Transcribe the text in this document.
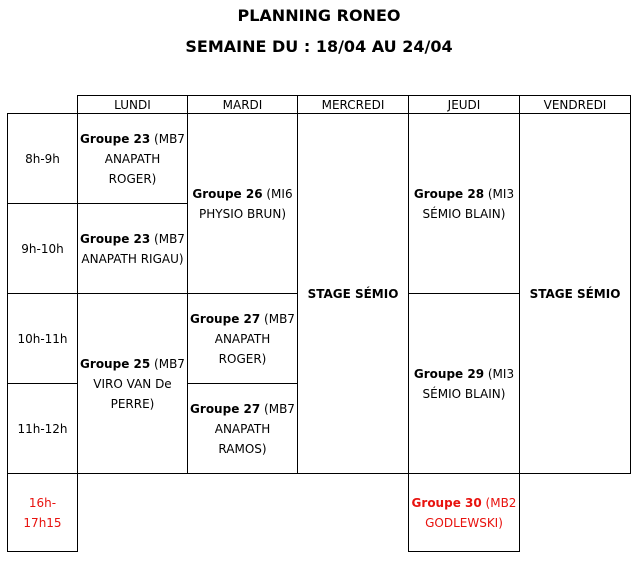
PLANNING RONEO
SEMAINE DU : 18/04 AU 24/04
	LUNDI	MARDI	MERCREDI	JEUDI	VENDREDI
8h-9h	Groupe 23 (MB7
ANAPATH
ROGER)	Groupe 26 (MI6
PHYSIO BRUN)	STAGE SÉMIO	Groupe 28 (MI3
SÉMIO BLAIN)	STAGE SÉMIO
9h-10h	Groupe 23 (MB7
ANAPATH RIGAU)				
10h-11h	Groupe 25 (MB7
VIRO VAN De
PERRE)	Groupe 27 (MB7
ANAPATH
ROGER)		Groupe 29 (MI3
SÉMIO BLAIN)	
11h-12h		Groupe 27 (MB7
ANAPATH
RAMOS)			
16h-
17h15				Groupe 30 (MB2
GODLEWSKI)	
